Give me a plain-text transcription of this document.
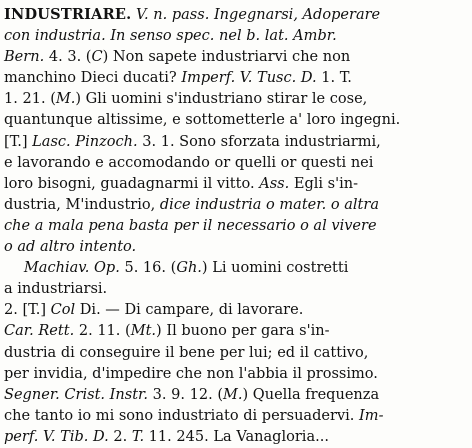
INDUSTRIARE. V. n. pass. Ingegnarsi, Adoperare
con industria. In senso spec. nel b. lat. Ambr.
Bern. 4. 3. (C) Non sapete industriarvi che non
manchino Dieci ducati? Imperf. V. Tusc. D. 1. T.
1. 21. (M.) Gli uomini s'industriano stirar le cose,
quantunque altissime, e sottometterle a' loro ingegni.
[T.] Lasc. Pinzoch. 3. 1. Sono sforzata industriarmi,
e lavorando e accomodando or quelli or questi nei
loro bisogni, guadagnarmi il vitto. Ass. Egli s'in-
dustria, M'industrio, dice industria o mater. o altra
che a mala pena basta per il necessario o al vivere
o ad altro intento.
Machiav. Op. 5. 16. (Gh.) Li uomini costretti
a industriarsi.
2. [T.] Col Di. — Di campare, di lavorare.
Car. Rett. 2. 11. (Mt.) Il buono per gara s'in-
dustria di conseguire il bene per lui; ed il cattivo,
per invidia, d'impedire che non l'abbia il prossimo.
Segner. Crist. Instr. 3. 9. 12. (M.) Quella frequenza
che tanto io mi sono industriato di persuadervi. Im-
perf. V. Tib. D. 2. T. 11. 245. La Vanagloria...
